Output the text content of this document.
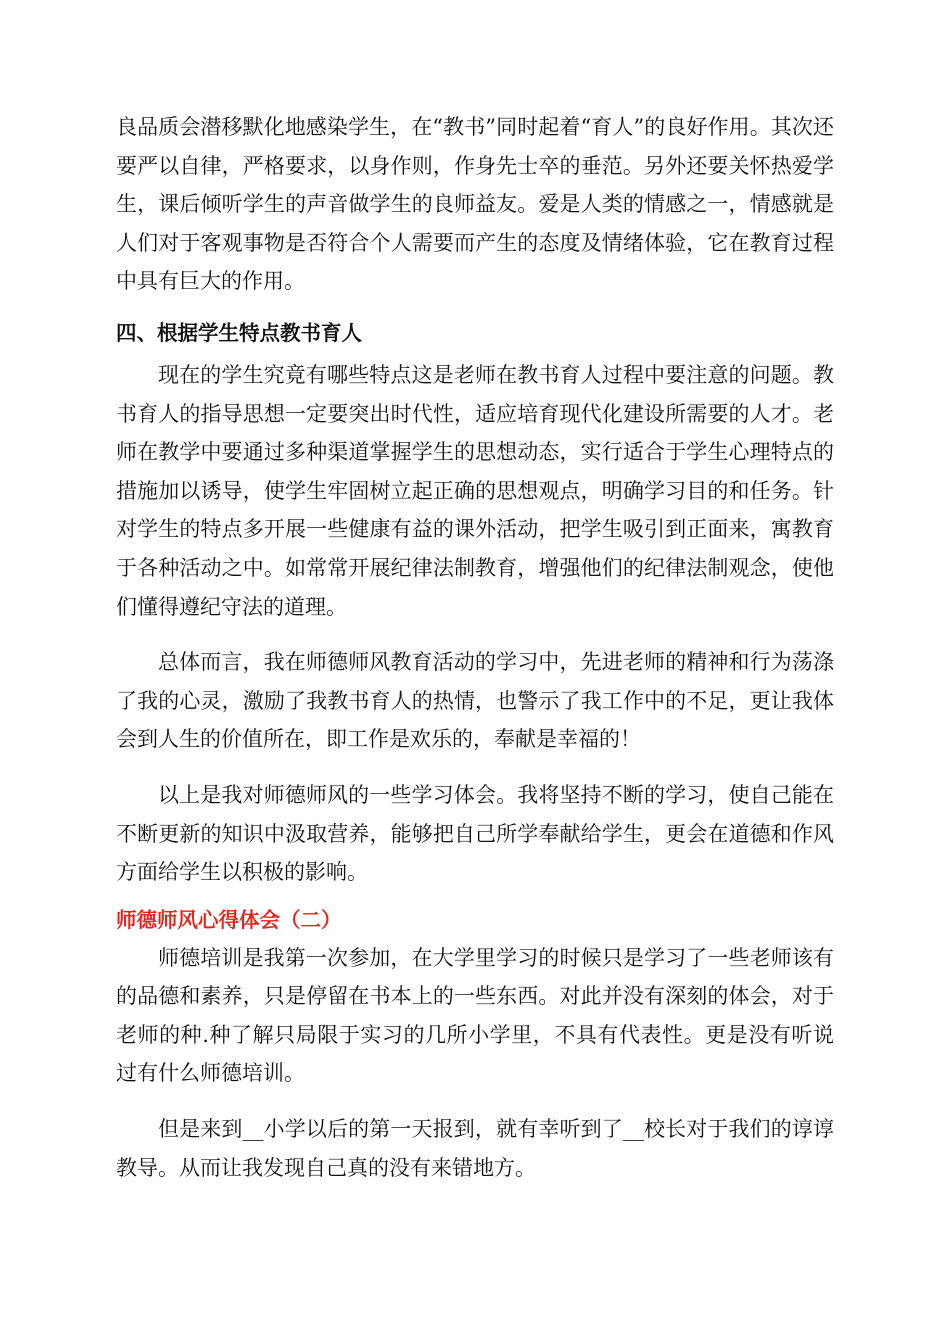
良品质会潜移默化地感染学生，在“教书”同时起着“育人”的良好作用。其次还要严以自律，严格要求，以身作则，作身先士卒的垂范。另外还要关怀热爱学生，课后倾听学生的声音做学生的良师益友。爱是人类的情感之一，情感就是人们对于客观事物是否符合个人需要而产生的态度及情绪体验，它在教育过程中具有巨大的作用。

四、根据学生特点教书育人

现在的学生究竟有哪些特点这是老师在教书育人过程中要注意的问题。教书育人的指导思想一定要突出时代性，适应培育现代化建设所需要的人才。老师在教学中要通过多种渠道掌握学生的思想动态，实行适合于学生心理特点的措施加以诱导，使学生牢固树立起正确的思想观点，明确学习目的和任务。针对学生的特点多开展一些健康有益的课外活动，把学生吸引到正面来，寓教育于各种活动之中。如常常开展纪律法制教育，增强他们的纪律法制观念，使他们懂得遵纪守法的道理。

总体而言，我在师德师风教育活动的学习中，先进老师的精神和行为荡涤了我的心灵，激励了我教书育人的热情，也警示了我工作中的不足，更让我体会到人生的价值所在，即工作是欢乐的，奉献是幸福的！

以上是我对师德师风的一些学习体会。我将坚持不断的学习，使自己能在不断更新的知识中汲取营养，能够把自己所学奉献给学生，更会在道德和作风方面给学生以积极的影响。

师德师风心得体会（二）

师德培训是我第一次参加，在大学里学习的时候只是学习了一些老师该有的品德和素养，只是停留在书本上的一些东西。对此并没有深刻的体会，对于老师的种.种了解只局限于实习的几所小学里，不具有代表性。更是没有听说过有什么师德培训。

但是来到__小学以后的第一天报到，就有幸听到了__校长对于我们的谆谆教导。从而让我发现自己真的没有来错地方。
